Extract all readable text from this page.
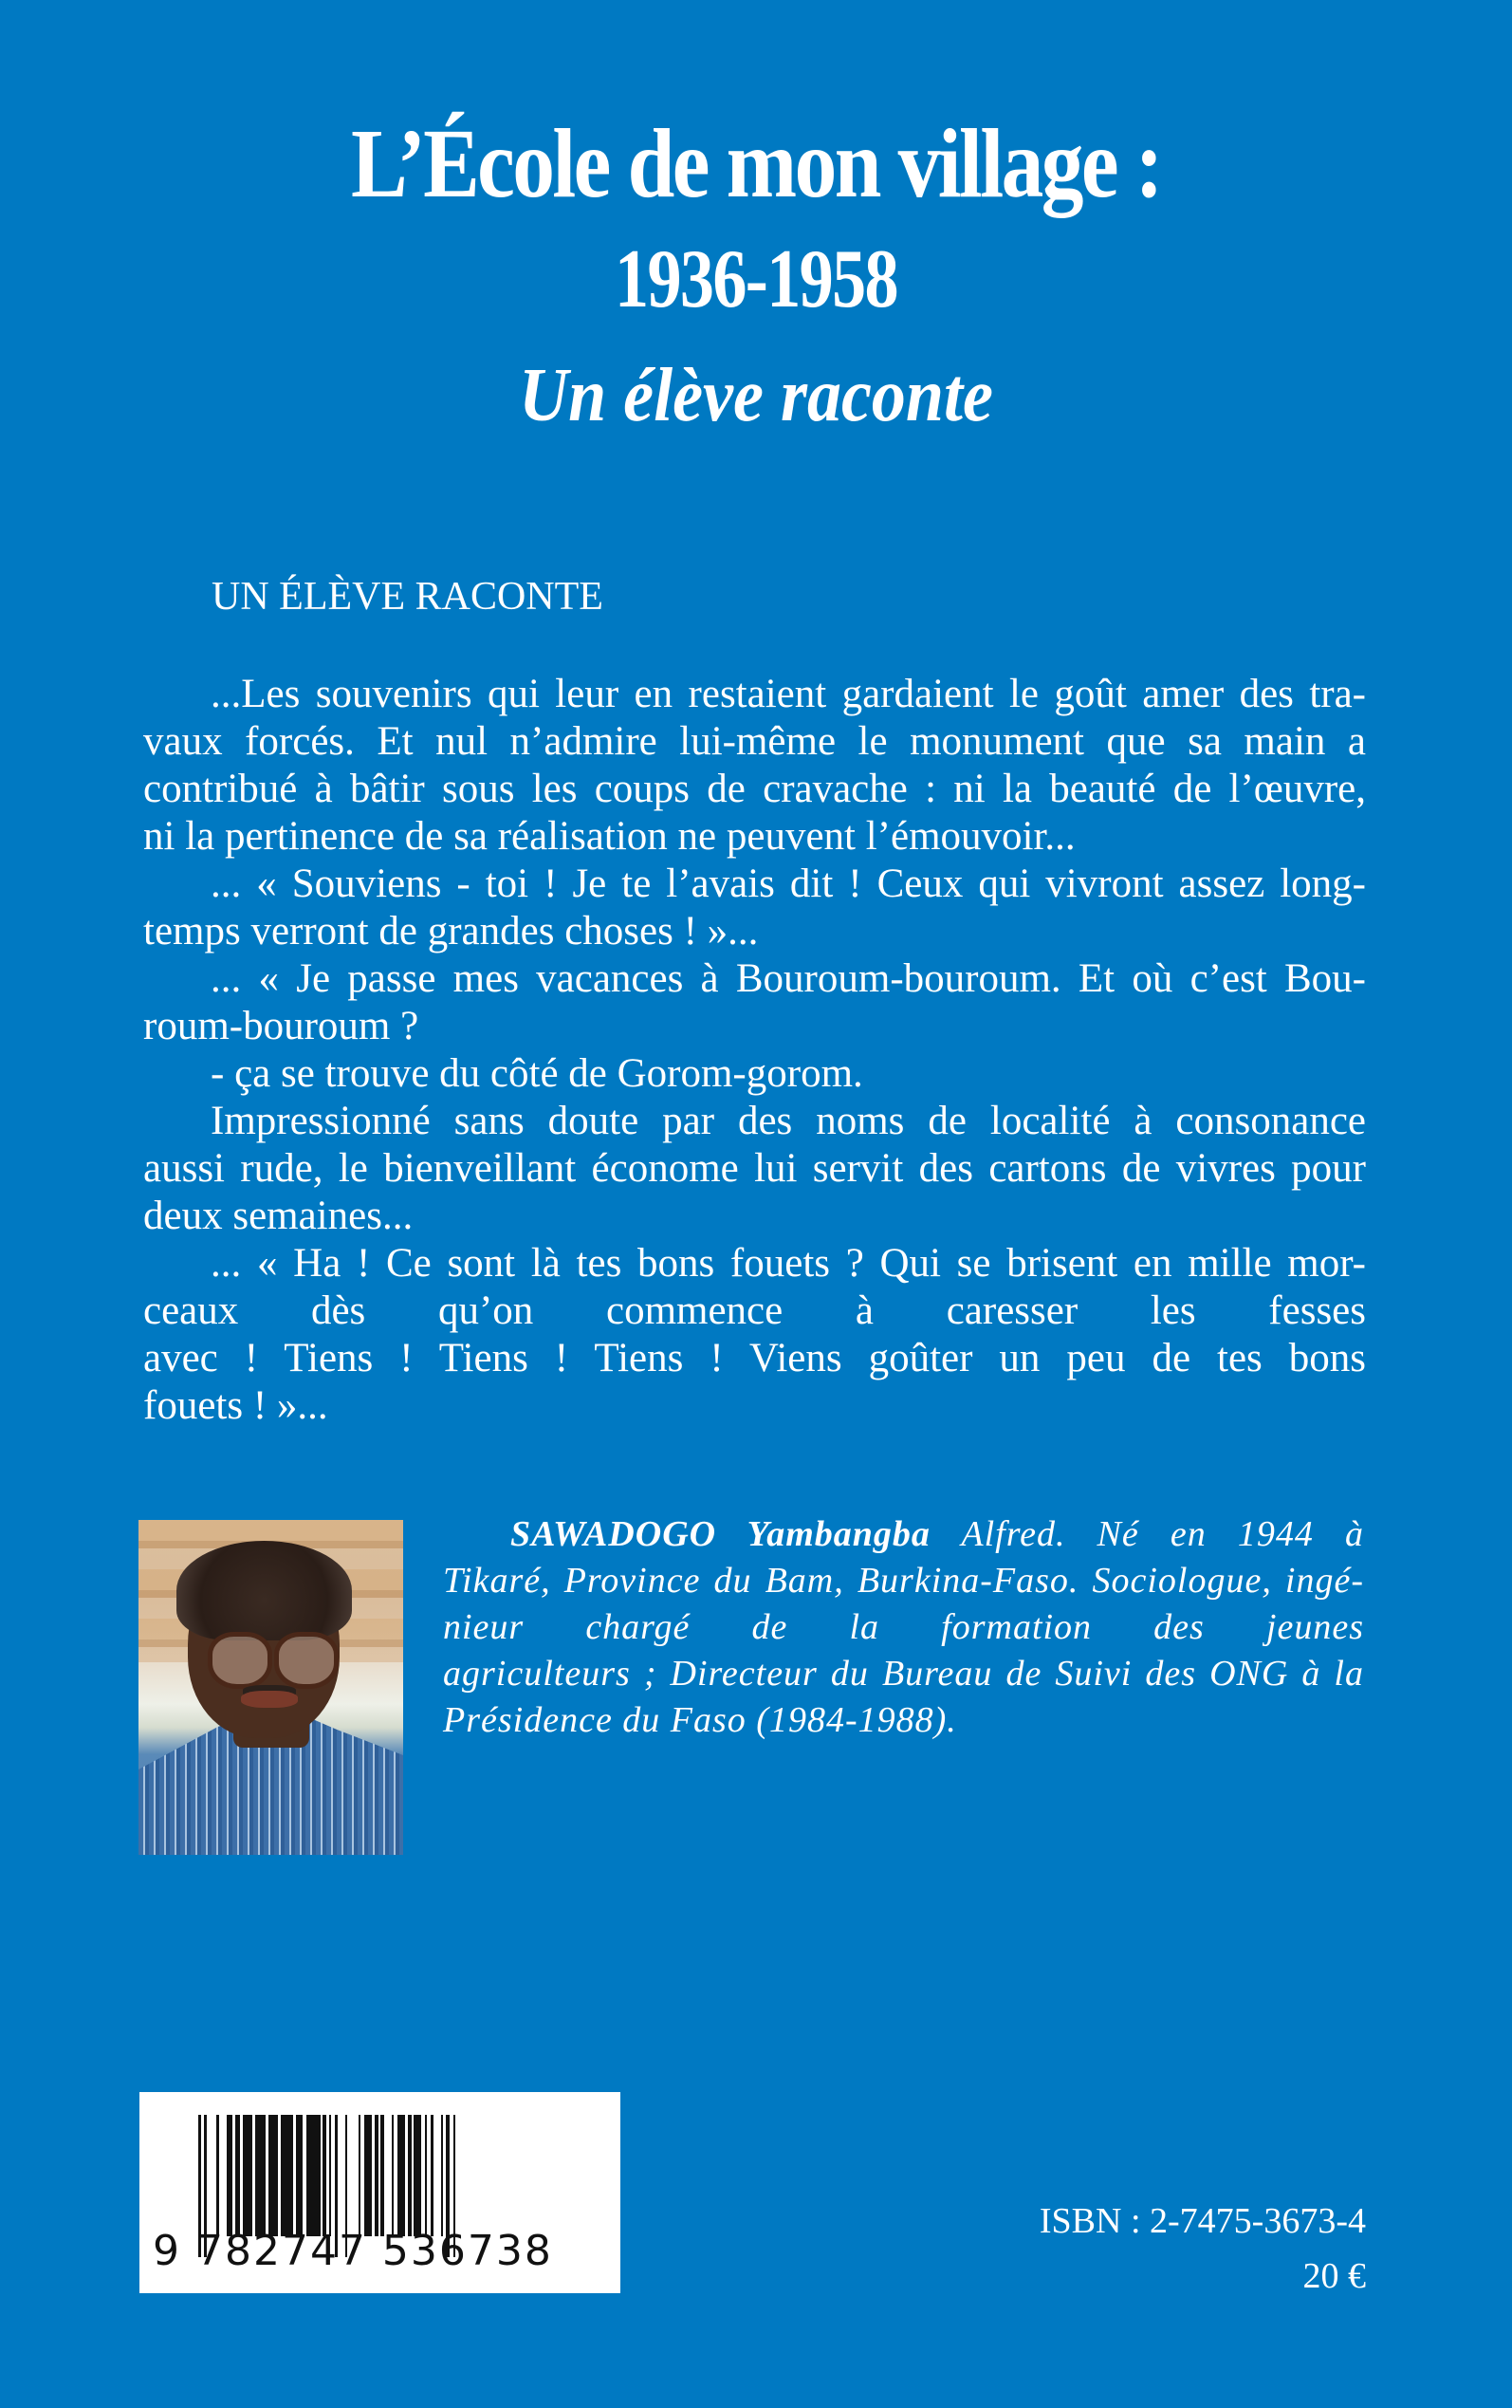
L’École de mon village :
1936-1958
Un élève raconte
UN ÉLÈVE RACONTE
...Les souvenirs qui leur en restaient gardaient le goût amer des tra-
vaux forcés. Et nul n’admire lui-même le monument que sa main a
contribué à bâtir sous les coups de cravache : ni la beauté de l’œuvre,
ni la pertinence de sa réalisation ne peuvent l’émouvoir...
... « Souviens - toi ! Je te l’avais dit ! Ceux qui vivront assez long-
temps verront de grandes choses ! »...
... « Je passe mes vacances à Bouroum-bouroum. Et où c’est Bou-
roum-bouroum ?
- ça se trouve du côté de Gorom-gorom.
Impressionné sans doute par des noms de localité à consonance
aussi rude, le bienveillant économe lui servit des cartons de vivres pour
deux semaines...
... « Ha ! Ce sont là tes bons fouets ? Qui se brisent en mille mor-
ceaux dès qu’on commence à caresser les fesses
avec ! Tiens ! Tiens ! Tiens ! Viens goûter un peu de tes bons
fouets ! »...
SAWADOGO Yambangba Alfred. Né en 1944 à
Tikaré, Province du Bam, Burkina-Faso. Sociologue, ingé-
nieur chargé de la formation des jeunes
agriculteurs ; Directeur du Bureau de Suivi des ONG à la
Présidence du Faso (1984-1988).
9 782747 536738
ISBN : 2-7475-3673-4
20 €
